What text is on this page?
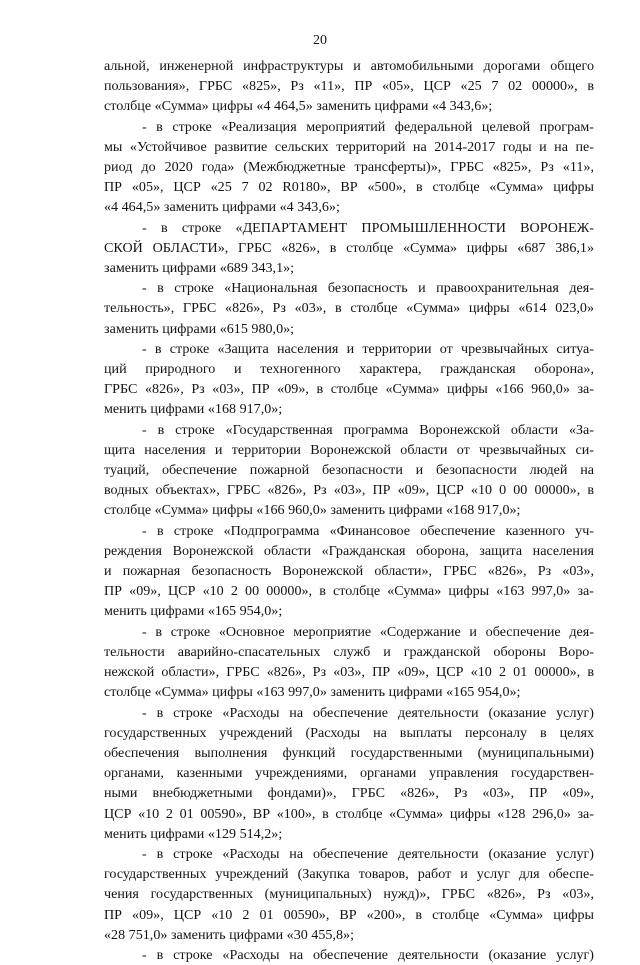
20
альной, инженерной инфраструктуры и автомобильными дорогами общего
пользования», ГРБС «825», Рз «11», ПР «05», ЦСР «25 7 02 00000», в
столбце «Сумма» цифры «4 464,5» заменить цифрами «4 343,6»;
- в строке «Реализация мероприятий федеральной целевой програм-
мы «Устойчивое развитие сельских территорий на 2014-2017 годы и на пе-
риод до 2020 года» (Межбюджетные трансферты)», ГРБС «825», Рз «11»,
ПР «05», ЦСР «25 7 02 R0180», ВР «500», в столбце «Сумма» цифры
«4 464,5» заменить цифрами «4 343,6»;
- в строке «ДЕПАРТАМЕНТ ПРОМЫШЛЕННОСТИ ВОРОНЕЖ-
СКОЙ ОБЛАСТИ», ГРБС «826», в столбце «Сумма» цифры «687 386,1»
заменить цифрами «689 343,1»;
- в строке «Национальная безопасность и правоохранительная дея-
тельность», ГРБС «826», Рз «03», в столбце «Сумма» цифры «614 023,0»
заменить цифрами «615 980,0»;
- в строке «Защита населения и территории от чрезвычайных ситуа-
ций природного и техногенного характера, гражданская оборона»,
ГРБС «826», Рз «03», ПР «09», в столбце «Сумма» цифры «166 960,0» за-
менить цифрами «168 917,0»;
- в строке «Государственная программа Воронежской области «За-
щита населения и территории Воронежской области от чрезвычайных си-
туаций, обеспечение пожарной безопасности и безопасности людей на
водных объектах», ГРБС «826», Рз «03», ПР «09», ЦСР «10 0 00 00000», в
столбце «Сумма» цифры «166 960,0» заменить цифрами «168 917,0»;
- в строке «Подпрограмма «Финансовое обеспечение казенного уч-
реждения Воронежской области «Гражданская оборона, защита населения
и пожарная безопасность Воронежской области», ГРБС «826», Рз «03»,
ПР «09», ЦСР «10 2 00 00000», в столбце «Сумма» цифры «163 997,0» за-
менить цифрами «165 954,0»;
- в строке «Основное мероприятие «Содержание и обеспечение дея-
тельности аварийно-спасательных служб и гражданской обороны Воро-
нежской области», ГРБС «826», Рз «03», ПР «09», ЦСР «10 2 01 00000», в
столбце «Сумма» цифры «163 997,0» заменить цифрами «165 954,0»;
- в строке «Расходы на обеспечение деятельности (оказание услуг)
государственных учреждений (Расходы на выплаты персоналу в целях
обеспечения выполнения функций государственными (муниципальными)
органами, казенными учреждениями, органами управления государствен-
ными внебюджетными фондами)», ГРБС «826», Рз «03», ПР «09»,
ЦСР «10 2 01 00590», ВР «100», в столбце «Сумма» цифры «128 296,0» за-
менить цифрами «129 514,2»;
- в строке «Расходы на обеспечение деятельности (оказание услуг)
государственных учреждений (Закупка товаров, работ и услуг для обеспе-
чения государственных (муниципальных) нужд)», ГРБС «826», Рз «03»,
ПР «09», ЦСР «10 2 01 00590», ВР «200», в столбце «Сумма» цифры
«28 751,0» заменить цифрами «30 455,8»;
- в строке «Расходы на обеспечение деятельности (оказание услуг)
